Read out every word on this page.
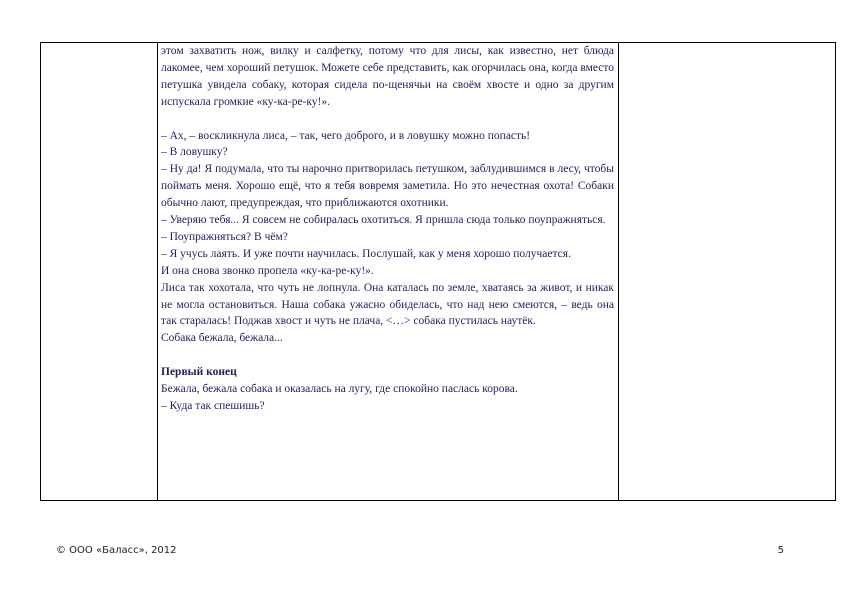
этом захватить нож, вилку и салфетку, потому что для лисы, как известно, нет блюда лакомее, чем хороший петушок. Можете себе представить, как огорчилась она, когда вместо петушка увидела собаку, которая сидела по-щенячьи на своём хвосте и одно за другим испускала громкие «ку-ка-ре-ку!».

– Ах, – воскликнула лиса, – так, чего доброго, и в ловушку можно попасть!

– В ловушку?

– Ну да! Я подумала, что ты нарочно притворилась петушком, заблудившимся в лесу, чтобы поймать меня. Хорошо ещё, что я тебя вовремя заметила. Но это нечестная охота! Собаки обычно лают, предупреждая, что приближаются охотники.

– Уверяю тебя... Я совсем не собиралась охотиться. Я пришла сюда только поупражняться.

– Поупражняться? В чём?

– Я учусь лаять. И уже почти научилась. Послушай, как у меня хорошо получается.

И она снова звонко пропела «ку-ка-ре-ку!».

Лиса так хохотала, что чуть не лопнула. Она каталась по земле, хватаясь за живот, и никак не могла остановиться. Наша собака ужасно обиделась, что над нею смеются, – ведь она так старалась! Поджав хвост и чуть не плача, <…> собака пустилась наутёк.

Собака бежала, бежала...

Первый конец

Бежала, бежала собака и оказалась на лугу, где спокойно паслась корова.

– Куда так спешишь?

© ООО «Баласс», 2012	5
